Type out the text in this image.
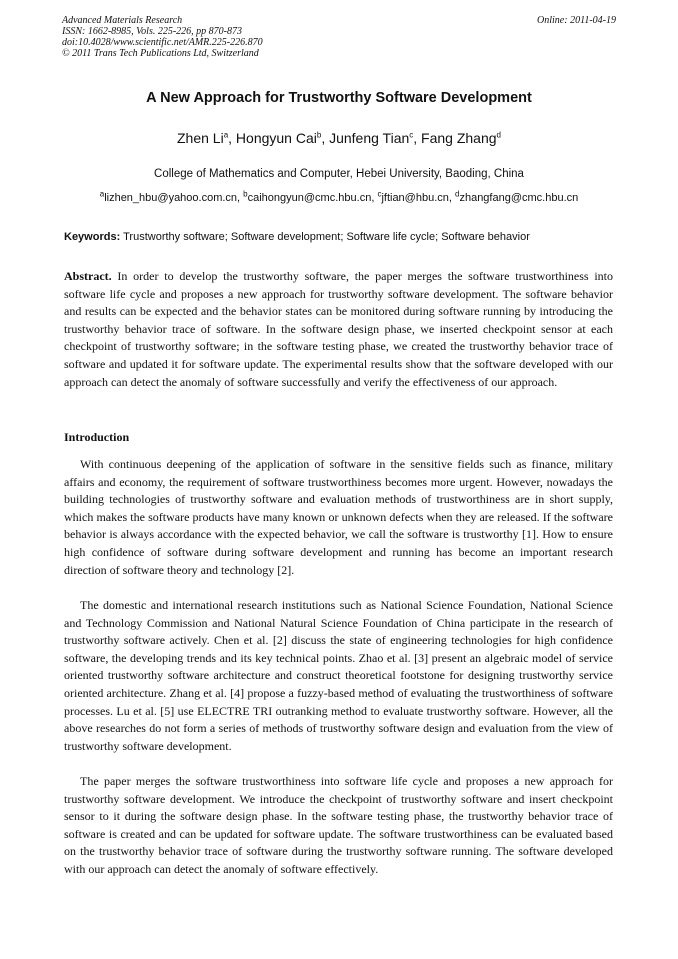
Advanced Materials Research
ISSN: 1662-8985, Vols. 225-226, pp 870-873
doi:10.4028/www.scientific.net/AMR.225-226.870
© 2011 Trans Tech Publications Ltd, Switzerland
Online: 2011-04-19
A New Approach for Trustworthy Software Development
Zhen Li$^a$, Hongyun Cai$^b$, Junfeng Tian$^c$, Fang Zhang$^d$
College of Mathematics and Computer, Hebei University, Baoding, China
$^a$lizhen_hbu@yahoo.com.cn, $^b$caihongyun@cmc.hbu.cn, $^c$jftian@hbu.cn, $^d$zhangfang@cmc.hbu.cn
Keywords: Trustworthy software; Software development; Software life cycle; Software behavior
Abstract. In order to develop the trustworthy software, the paper merges the software trustworthiness into software life cycle and proposes a new approach for trustworthy software development. The software behavior and results can be expected and the behavior states can be monitored during software running by introducing the trustworthy behavior trace of software. In the software design phase, we inserted checkpoint sensor at each checkpoint of trustworthy software; in the software testing phase, we created the trustworthy behavior trace of software and updated it for software update. The experimental results show that the software developed with our approach can detect the anomaly of software successfully and verify the effectiveness of our approach.
Introduction
With continuous deepening of the application of software in the sensitive fields such as finance, military affairs and economy, the requirement of software trustworthiness becomes more urgent. However, nowadays the building technologies of trustworthy software and evaluation methods of trustworthiness are in short supply, which makes the software products have many known or unknown defects when they are released. If the software behavior is always accordance with the expected behavior, we call the software is trustworthy [1]. How to ensure high confidence of software during software development and running has become an important research direction of software theory and technology [2].
The domestic and international research institutions such as National Science Foundation, National Science and Technology Commission and National Natural Science Foundation of China participate in the research of trustworthy software actively. Chen et al. [2] discuss the state of engineering technologies for high confidence software, the developing trends and its key technical points. Zhao et al. [3] present an algebraic model of service oriented trustworthy software architecture and construct theoretical footstone for designing trustworthy service oriented architecture. Zhang et al. [4] propose a fuzzy-based method of evaluating the trustworthiness of software processes. Lu et al. [5] use ELECTRE TRI outranking method to evaluate trustworthy software. However, all the above researches do not form a series of methods of trustworthy software design and evaluation from the view of trustworthy software development.
The paper merges the software trustworthiness into software life cycle and proposes a new approach for trustworthy software development. We introduce the checkpoint of trustworthy software and insert checkpoint sensor to it during the software design phase. In the software testing phase, the trustworthy behavior trace of software is created and can be updated for software update. The software trustworthiness can be evaluated based on the trustworthy behavior trace of software during the trustworthy software running. The software developed with our approach can detect the anomaly of software effectively.
